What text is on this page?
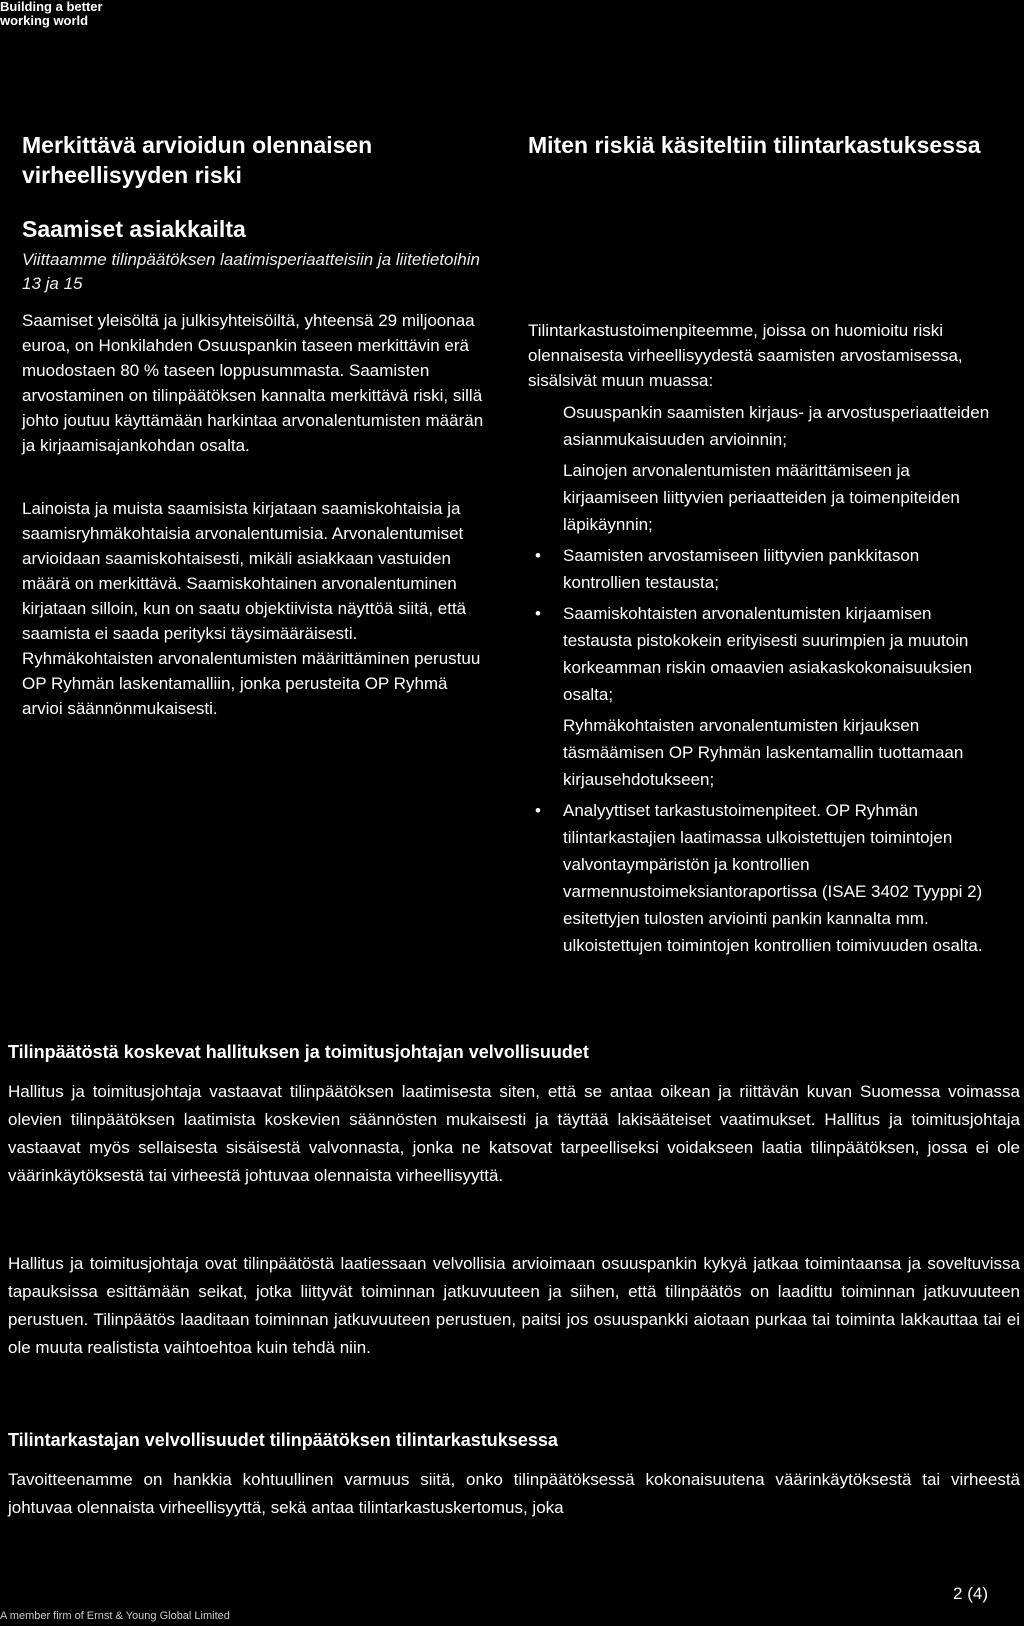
Building a better
working world
Merkittävä arvioidun olennaisen virheellisyyden riski
Miten riskiä käsiteltiin tilintarkastuksessa
Saamiset asiakkailta
Viittaamme tilinpäätöksen laatimisperiaatteisiin ja liitetietoihin 13 ja 15
Saamiset yleisöltä ja julkisyhteisöiltä, yhteensä 29 miljoonaa euroa, on Honkilahden Osuuspankin taseen merkittävin erä muodostaen 80 % taseen loppusummasta. Saamisten arvostaminen on tilinpäätöksen kannalta merkittävä riski, sillä johto joutuu käyttämään harkintaa arvonalentumisten määrän ja kirjaamisajankohdan osalta.
Lainoista ja muista saamisista kirjataan saamiskohtaisia ja saamisryhmäkohtaisia arvonalentumisia. Arvonalentumiset arvioidaan saamiskohtaisesti, mikäli asiakkaan vastuiden määrä on merkittävä. Saamiskohtainen arvonalentuminen kirjataan silloin, kun on saatu objektiivista näyttöä siitä, että saamista ei saada perityksi täysimääräisesti. Ryhmäkohtaisten arvonalentumisten määrittäminen perustuu OP Ryhmän laskentamalliin, jonka perusteita OP Ryhmä arvioi säännönmukaisesti.
Tilintarkastustoimenpiteemme, joissa on huomioitu riski olennaisesta virheellisyydestä saamisten arvostamisessa, sisälsivät muun muassa:
Osuuspankin saamisten kirjaus- ja arvostusperiaatteiden asianmukaisuuden arvioinnin;
Lainojen arvonalentumisten määrittämiseen ja kirjaamiseen liittyvien periaatteiden ja toimenpiteiden läpikäynnin;
•	Saamisten arvostamiseen liittyvien pankkitason kontrollien testausta;
•	Saamiskohtaisten arvonalentumisten kirjaamisen testausta pistokokein erityisesti suurimpien ja muutoin korkeamman riskin omaavien asiakaskokonaisuuksien osalta;
Ryhmäkohtaisten arvonalentumisten kirjauksen täsmäämisen OP Ryhmän laskentamallin tuottamaan kirjausehdotukseen;
•	Analyyttiset tarkastustoimenpiteet. OP Ryhmän tilintarkastajien laatimassa ulkoistettujen toimintojen valvontaympäristön ja kontrollien varmennustoimeksiantoraportissa (ISAE 3402 Tyyppi 2) esitettyjen tulosten arviointi pankin kannalta mm. ulkoistettujen toimintojen kontrollien toimivuuden osalta.
Tilinpäätöstä koskevat hallituksen ja toimitusjohtajan velvollisuudet
Hallitus ja toimitusjohtaja vastaavat tilinpäätöksen laatimisesta siten, että se antaa oikean ja riittävän kuvan Suomessa voimassa olevien tilinpäätöksen laatimista koskevien säännösten mukaisesti ja täyttää lakisääteiset vaatimukset. Hallitus ja toimitusjohtaja vastaavat myös sellaisesta sisäisestä valvonnasta, jonka ne katsovat tarpeelliseksi voidakseen laatia tilinpäätöksen, jossa ei ole väärinkäytöksestä tai virheestä johtuvaa olennaista virheellisyyttä.
Hallitus ja toimitusjohtaja ovat tilinpäätöstä laatiessaan velvollisia arvioimaan osuuspankin kykyä jatkaa toimintaansa ja soveltuvissa tapauksissa esittämään seikat, jotka liittyvät toiminnan jatkuvuuteen ja siihen, että tilinpäätös on laadittu toiminnan jatkuvuuteen perustuen. Tilinpäätös laaditaan toiminnan jatkuvuuteen perustuen, paitsi jos osuuspankki aiotaan purkaa tai toiminta lakkauttaa tai ei ole muuta realistista vaihtoehtoa kuin tehdä niin.
Tilintarkastajan velvollisuudet tilinpäätöksen tilintarkastuksessa
Tavoitteenamme on hankkia kohtuullinen varmuus siitä, onko tilinpäätöksessä kokonaisuutena väärinkäytöksestä tai virheestä johtuvaa olennaista virheellisyyttä, sekä antaa tilintarkastuskertomus, joka
2 (4)
A member firm of Ernst & Young Global Limited
